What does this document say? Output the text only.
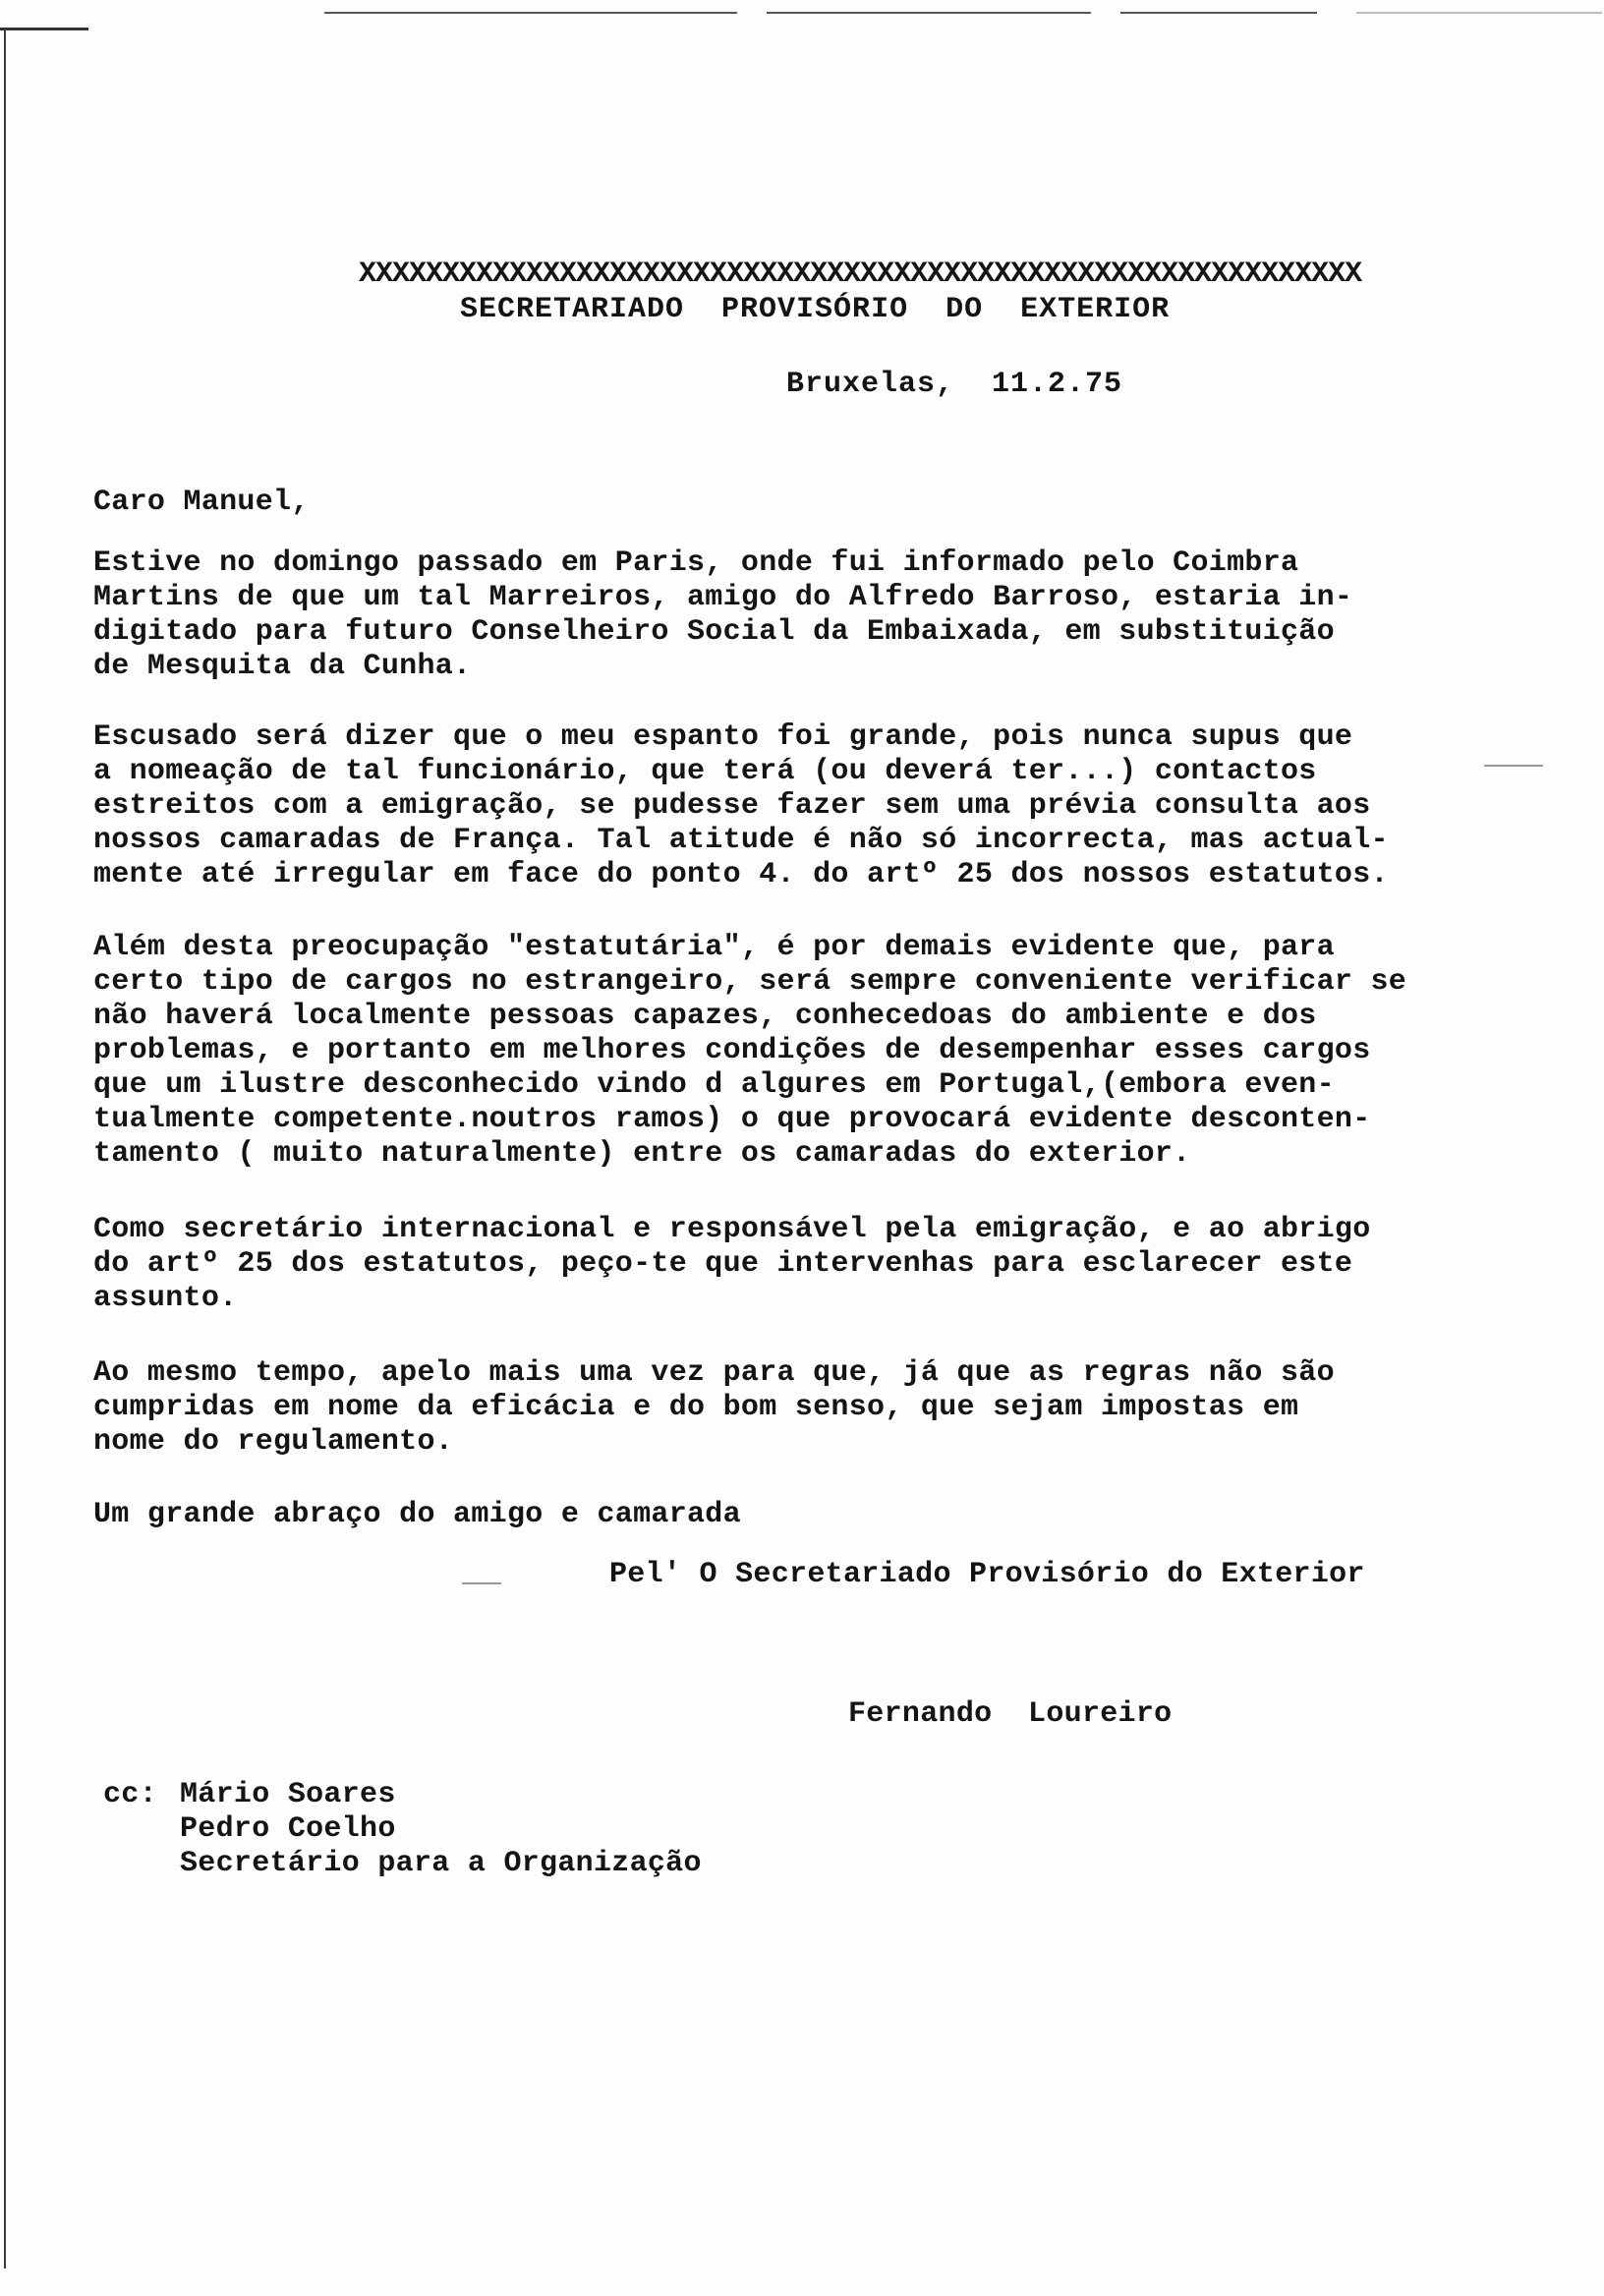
XXXXXXXXXXXXXXXXXXXXXXXXXXXXXXXXXXXXXXXXXXXXXXXXXXXXXXXXXXXX
SECRETARIADO  PROVISÓRIO  DO  EXTERIOR
Bruxelas,  11.2.75
Caro Manuel,
Estive no domingo passado em Paris, onde fui informado pelo Coimbra
Martins de que um tal Marreiros, amigo do Alfredo Barroso, estaria in-
digitado para futuro Conselheiro Social da Embaixada, em substituição
de Mesquita da Cunha.
Escusado será dizer que o meu espanto foi grande, pois nunca supus que
a nomeação de tal funcionário, que terá (ou deverá ter...) contactos
estreitos com a emigração, se pudesse fazer sem uma prévia consulta aos
nossos camaradas de França. Tal atitude é não só incorrecta, mas actual-
mente até irregular em face do ponto 4. do artº 25 dos nossos estatutos.
Além desta preocupação "estatutária", é por demais evidente que, para
certo tipo de cargos no estrangeiro, será sempre conveniente verificar se
não haverá localmente pessoas capazes, conhecedoas do ambiente e dos
problemas, e portanto em melhores condições de desempenhar esses cargos
que um ilustre desconhecido vindo d algures em Portugal,(embora even-
tualmente competente.noutros ramos) o que provocará evidente desconten-
tamento ( muito naturalmente) entre os camaradas do exterior.
Como secretário internacional e responsável pela emigração, e ao abrigo
do artº 25 dos estatutos, peço-te que intervenhas para esclarecer este
assunto.
Ao mesmo tempo, apelo mais uma vez para que, já que as regras não são
cumpridas em nome da eficácia e do bom senso, que sejam impostas em
nome do regulamento.
Um grande abraço do amigo e camarada
Pel' O Secretariado Provisório do Exterior
Fernando  Loureiro
cc: Mário Soares
Pedro Coelho
Secretário para a Organização
